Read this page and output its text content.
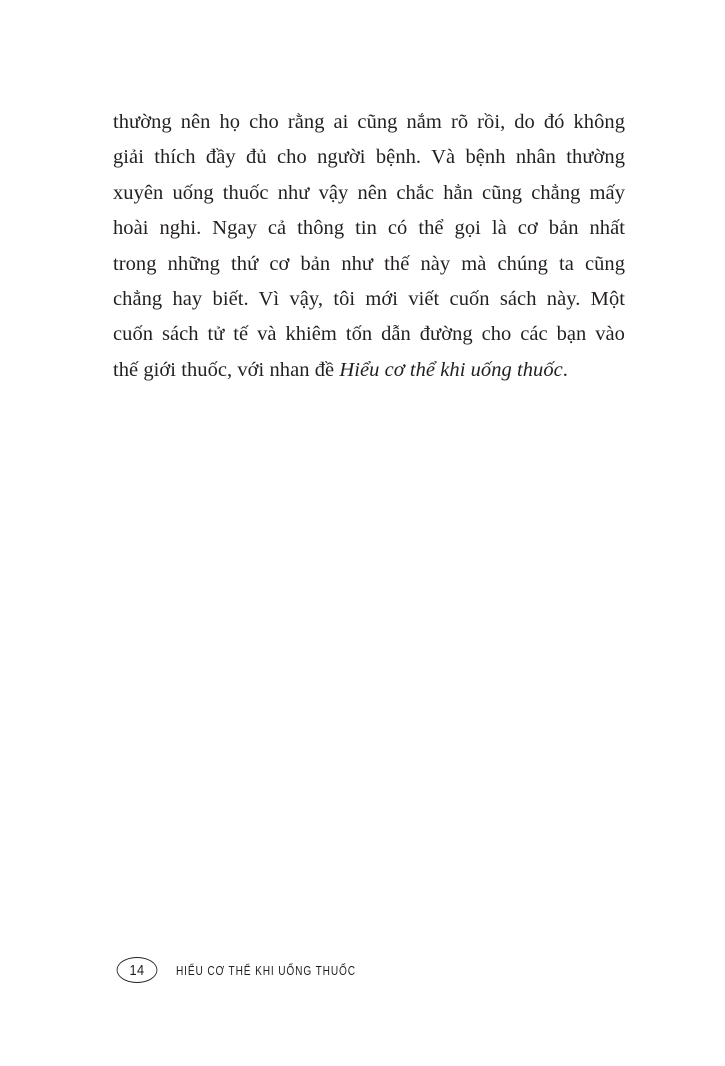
thường nên họ cho rằng ai cũng nắm rõ rồi, do đó không
giải thích đầy đủ cho người bệnh. Và bệnh nhân thường
xuyên uống thuốc như vậy nên chắc hẳn cũng chẳng mấy
hoài nghi. Ngay cả thông tin có thể gọi là cơ bản nhất
trong những thứ cơ bản như thế này mà chúng ta cũng
chẳng hay biết. Vì vậy, tôi mới viết cuốn sách này. Một
cuốn sách tử tế và khiêm tốn dẫn đường cho các bạn vào
thế giới thuốc, với nhan đề Hiểu cơ thể khi uống thuốc.
14	HIỂU CƠ THỂ KHI UỐNG THUỐC
